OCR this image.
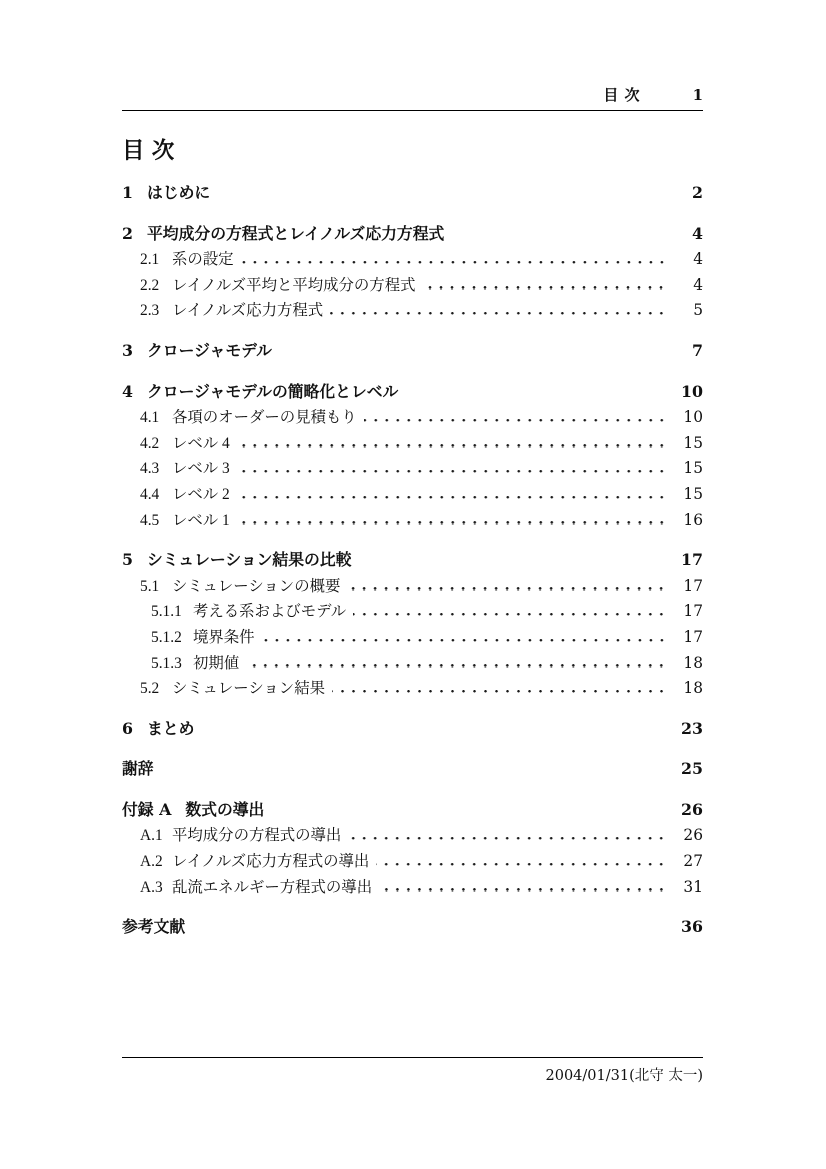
目 次	1
目 次
1 はじめに	2
2 平均成分の方程式とレイノルズ応力方程式	4
2.1 系の設定	4
2.2 レイノルズ平均と平均成分の方程式	4
2.3 レイノルズ応力方程式	5
3 クロージャモデル	7
4 クロージャモデルの簡略化とレベル	10
4.1 各項のオーダーの見積もり	10
4.2 レベル 4	15
4.3 レベル 3	15
4.4 レベル 2	15
4.5 レベル 1	16
5 シミュレーション結果の比較	17
5.1 シミュレーションの概要	17
5.1.1 考える系およびモデル	17
5.1.2 境界条件	17
5.1.3 初期値	18
5.2 シミュレーション結果	18
6 まとめ	23
謝辞	25
付録 A 数式の導出	26
A.1 平均成分の方程式の導出	26
A.2 レイノルズ応力方程式の導出	27
A.3 乱流エネルギー方程式の導出	31
参考文献	36
2004/01/31(北守 太一)
